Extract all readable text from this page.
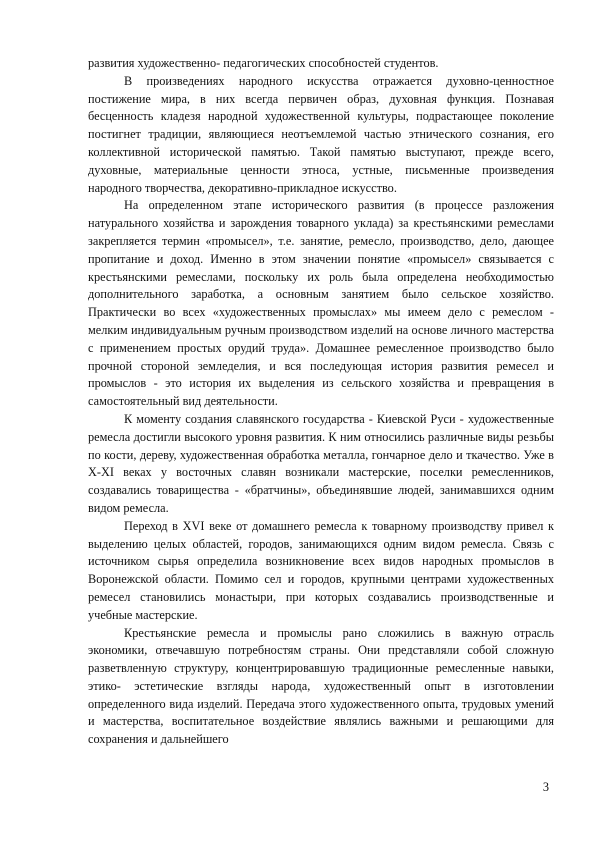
развития художественно- педагогических способностей студентов.

В произведениях народного искусства отражается духовно-ценностное постижение мира, в них всегда первичен образ, духовная функция. Познавая бесценность кладезя народной художественной культуры, подрастающее поколение постигнет традиции, являющиеся неотъемлемой частью этнического сознания, его коллективной исторической памятью. Такой памятью выступают, прежде всего, духовные, материальные ценности этноса, устные, письменные произведения народного творчества, декоративно-прикладное искусство.

На определенном этапе исторического развития (в процессе разложения натурального хозяйства и зарождения товарного уклада) за крестьянскими ремеслами закрепляется термин «промысел», т.е. занятие, ремесло, производство, дело, дающее пропитание и доход. Именно в этом значении понятие «промысел» связывается с крестьянскими ремеслами, поскольку их роль была определена необходимостью дополнительного заработка, а основным занятием было сельское хозяйство. Практически во всех «художественных промыслах» мы имеем дело с ремеслом - мелким индивидуальным ручным производством изделий на основе личного мастерства с применением простых орудий труда». Домашнее ремесленное производство было прочной стороной земледелия, и вся последующая история развития ремесел и промыслов - это история их выделения из сельского хозяйства и превращения в самостоятельный вид деятельности.

К моменту создания славянского государства - Киевской Руси - художественные ремесла достигли высокого уровня развития. К ним относились различные виды резьбы по кости, дереву, художественная обработка металла, гончарное дело и ткачество. Уже в X-XI веках у восточных славян возникали мастерские, поселки ремесленников, создавались товарищества - «братчины», объединявшие людей, занимавшихся одним видом ремесла.

Переход в XVI веке от домашнего ремесла к товарному производству привел к выделению целых областей, городов, занимающихся одним видом ремесла. Связь с источником сырья определила возникновение всех видов народных промыслов в Воронежской области. Помимо сел и городов, крупными центрами художественных ремесел становились монастыри, при которых создавались производственные и учебные мастерские.

Крестьянские ремесла и промыслы рано сложились в важную отрасль экономики, отвечавшую потребностям страны. Они представляли собой сложную разветвленную структуру, концентрировавшую традиционные ремесленные навыки, этико- эстетические взгляды народа, художественный опыт в изготовлении определенного вида изделий. Передача этого художественного опыта, трудовых умений и мастерства, воспитательное воздействие являлись важными и решающими для сохранения и дальнейшего

3
